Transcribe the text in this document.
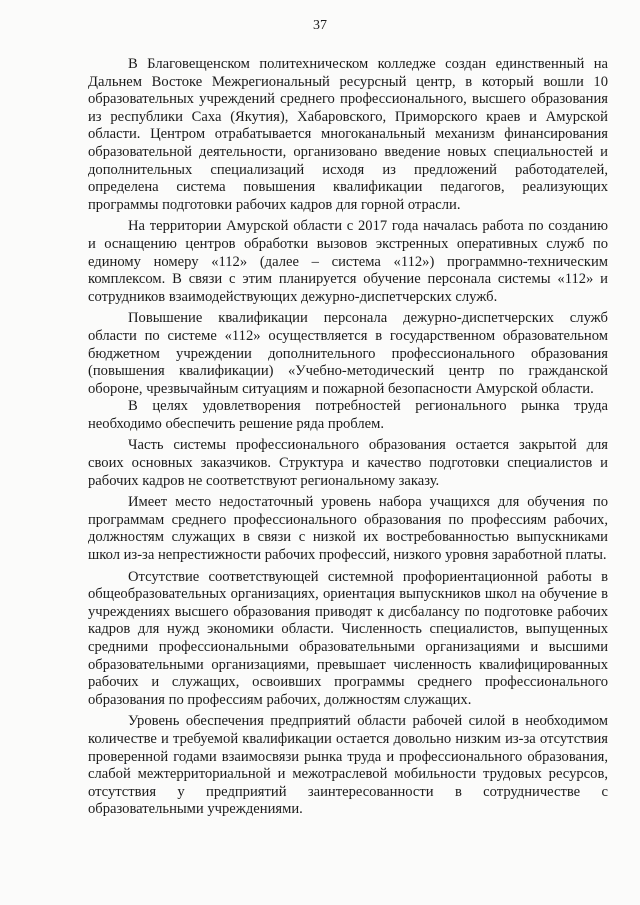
37

В Благовещенском политехническом колледже создан единственный на Дальнем Востоке Межрегиональный ресурсный центр, в который вошли 10 образовательных учреждений среднего профессионального, высшего образования из республики Саха (Якутия), Хабаровского, Приморского краев и Амурской области. Центром отрабатывается многоканальный механизм финансирования образовательной деятельности, организовано введение новых специальностей и дополнительных специализаций исходя из предложений работодателей, определена система повышения квалификации педагогов, реализующих программы подготовки рабочих кадров для горной отрасли.

На территории Амурской области с 2017 года началась работа по созданию и оснащению центров обработки вызовов экстренных оперативных служб по единому номеру «112» (далее – система «112») программно-техническим комплексом. В связи с этим планируется обучение персонала системы «112» и сотрудников взаимодействующих дежурно-диспетчерских служб.

Повышение квалификации персонала дежурно-диспетчерских служб области по системе «112» осуществляется в государственном образовательном бюджетном учреждении дополнительного профессионального образования (повышения квалификации) «Учебно-методический центр по гражданской обороне, чрезвычайным ситуациям и пожарной безопасности Амурской области.

В целях удовлетворения потребностей регионального рынка труда необходимо обеспечить решение ряда проблем.

Часть системы профессионального образования остается закрытой для своих основных заказчиков. Структура и качество подготовки специалистов и рабочих кадров не соответствуют региональному заказу.

Имеет место недостаточный уровень набора учащихся для обучения по программам среднего профессионального образования по профессиям рабочих, должностям служащих в связи с низкой их востребованностью выпускниками школ из-за непрестижности рабочих профессий, низкого уровня заработной платы.

Отсутствие соответствующей системной профориентационной работы в общеобразовательных организациях, ориентация выпускников школ на обучение в учреждениях высшего образования приводят к дисбалансу по подготовке рабочих кадров для нужд экономики области. Численность специалистов, выпущенных средними профессиональными образовательными организациями и высшими образовательными организациями, превышает численность квалифицированных рабочих и служащих, освоивших программы среднего профессионального образования по профессиям рабочих, должностям служащих.

Уровень обеспечения предприятий области рабочей силой в необходимом количестве и требуемой квалификации остается довольно низким из-за отсутствия проверенной годами взаимосвязи рынка труда и профессионального образования, слабой межтерриториальной и межотраслевой мобильности трудовых ресурсов, отсутствия у предприятий заинтересованности в сотрудничестве с образовательными учреждениями.
